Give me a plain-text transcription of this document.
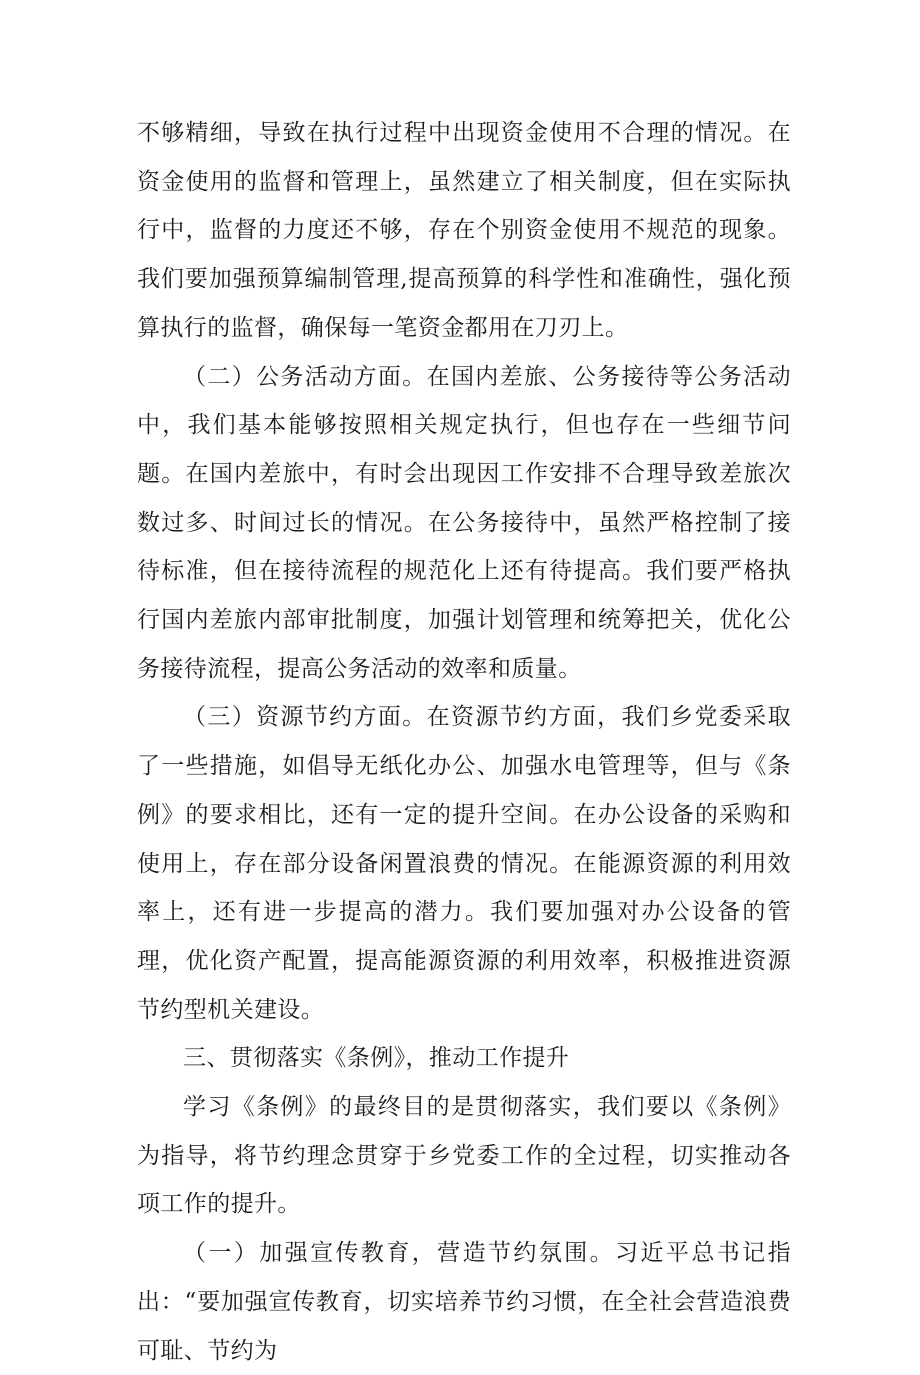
不够精细，导致在执行过程中出现资金使用不合理的情况。在资金使用的监督和管理上，虽然建立了相关制度，但在实际执行中，监督的力度还不够，存在个别资金使用不规范的现象。我们要加强预算编制管理,提高预算的科学性和准确性，强化预算执行的监督，确保每一笔资金都用在刀刃上。

（二）公务活动方面。在国内差旅、公务接待等公务活动中，我们基本能够按照相关规定执行，但也存在一些细节问题。在国内差旅中，有时会出现因工作安排不合理导致差旅次数过多、时间过长的情况。在公务接待中，虽然严格控制了接待标准，但在接待流程的规范化上还有待提高。我们要严格执行国内差旅内部审批制度，加强计划管理和统筹把关，优化公务接待流程，提高公务活动的效率和质量。

（三）资源节约方面。在资源节约方面，我们乡党委采取了一些措施，如倡导无纸化办公、加强水电管理等，但与《条例》的要求相比，还有一定的提升空间。在办公设备的采购和使用上，存在部分设备闲置浪费的情况。在能源资源的利用效率上，还有进一步提高的潜力。我们要加强对办公设备的管理，优化资产配置，提高能源资源的利用效率，积极推进资源节约型机关建设。

三、贯彻落实《条例》，推动工作提升

学习《条例》的最终目的是贯彻落实，我们要以《条例》为指导，将节约理念贯穿于乡党委工作的全过程，切实推动各项工作的提升。

（一）加强宣传教育，营造节约氛围。习近平总书记指出：“要加强宣传教育，切实培养节约习惯，在全社会营造浪费可耻、节约为
